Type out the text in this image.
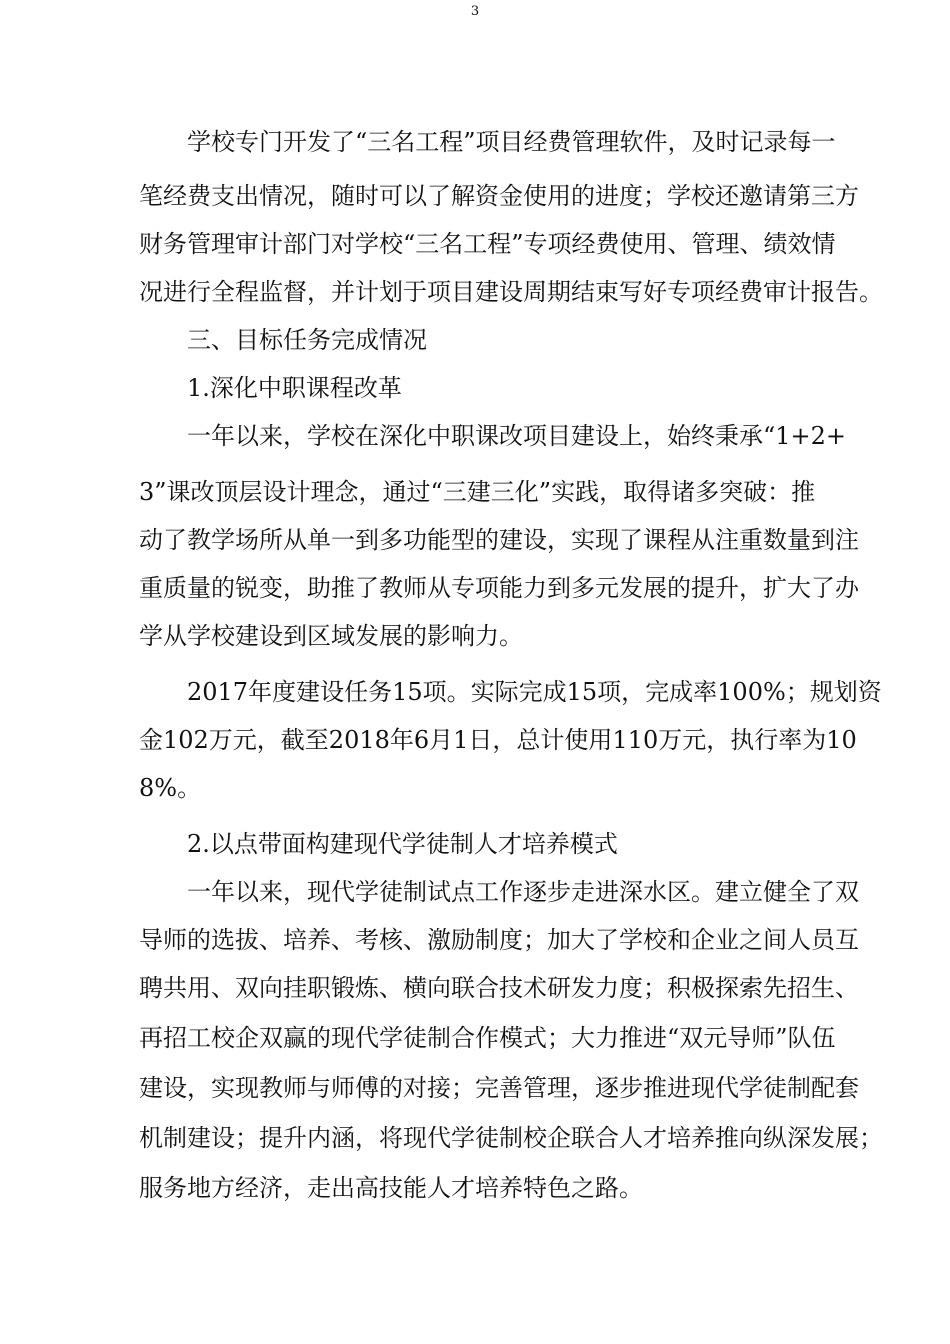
3
学校专门开发了“三名工程”项目经费管理软件，及时记录每一
笔经费支出情况，随时可以了解资金使用的进度；学校还邀请第三方
财务管理审计部门对学校“三名工程”专项经费使用、管理、绩效情
况进行全程监督，并计划于项目建设周期结束写好专项经费审计报告。
三、目标任务完成情况
1.深化中职课程改革
一年以来，学校在深化中职课改项目建设上，始终秉承“1+2+
3”课改顶层设计理念，通过“三建三化”实践，取得诸多突破：推
动了教学场所从单一到多功能型的建设，实现了课程从注重数量到注
重质量的锐变，助推了教师从专项能力到多元发展的提升，扩大了办
学从学校建设到区域发展的影响力。
2017年度建设任务15项。实际完成15项，完成率100%；规划资
金102万元，截至2018年6月1日，总计使用110万元，执行率为10
8%。
2.以点带面构建现代学徒制人才培养模式
一年以来，现代学徒制试点工作逐步走进深水区。建立健全了双
导师的选拔、培养、考核、激励制度；加大了学校和企业之间人员互
聘共用、双向挂职锻炼、横向联合技术研发力度；积极探索先招生、
再招工校企双赢的现代学徒制合作模式；大力推进“双元导师”队伍
建设，实现教师与师傅的对接；完善管理，逐步推进现代学徒制配套
机制建设；提升内涵，将现代学徒制校企联合人才培养推向纵深发展；
服务地方经济，走出高技能人才培养特色之路。
